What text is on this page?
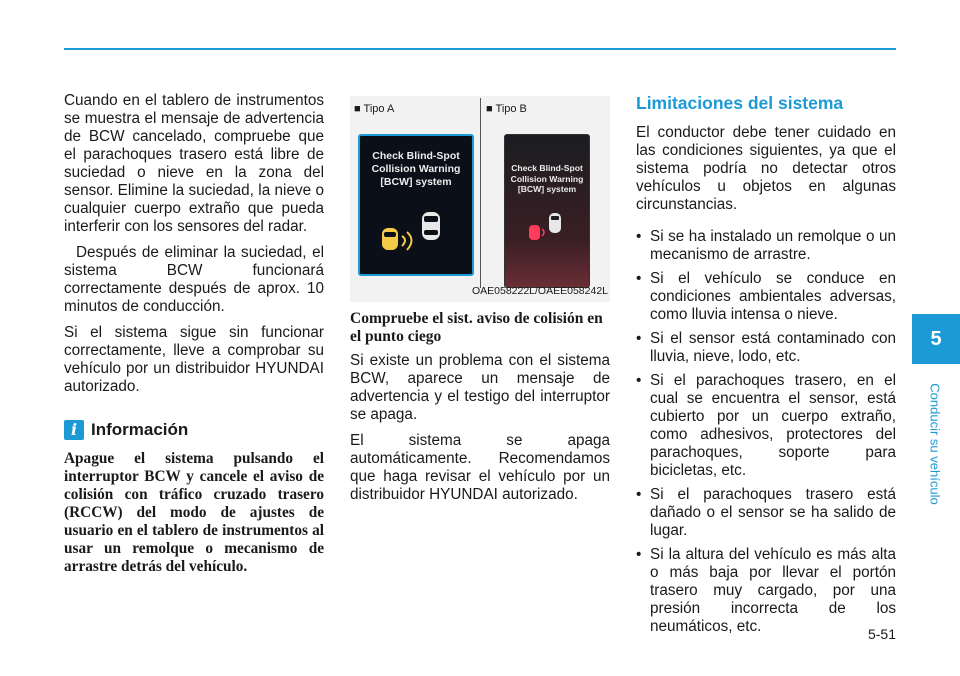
Cuando en el tablero de instrumentos se muestra el mensaje de advertencia de BCW cancelado, compruebe que el parachoques trasero está libre de suciedad o nieve en la zona del sensor. Elimine la suciedad, la nieve o cualquier cuerpo extraño que pueda interferir con los sensores del radar.

Después de eliminar la suciedad, el sistema BCW funcionará correctamente después de aprox. 10 minutos de conducción.

Si el sistema sigue sin funcionar correctamente, lleve a comprobar su vehículo por un distribuidor HYUNDAI autorizado.

i Información

Apague el sistema pulsando el interruptor BCW y cancele el aviso de colisión con tráfico cruzado trasero (RCCW) del modo de ajustes de usuario en el tablero de instrumentos al usar un remolque o mecanismo de arrastre detrás del vehículo.

■ Tipo A	■ Tipo B
Check Blind-Spot
Collision Warning
[BCW] system
Check Blind-Spot
Collision Warning
[BCW] system
OAE058222L/OAEE058242L
Compruebe el sist. aviso de colisión en el punto ciego

Si existe un problema con el sistema BCW, aparece un mensaje de advertencia y el testigo del interruptor se apaga.

El sistema se apaga automáticamente. Recomendamos que haga revisar el vehículo por un distribuidor HYUNDAI autorizado.

Limitaciones del sistema

El conductor debe tener cuidado en las condiciones siguientes, ya que el sistema podría no detectar otros vehículos u objetos en algunas circunstancias.

• Si se ha instalado un remolque o un mecanismo de arrastre.
• Si el vehículo se conduce en condiciones ambientales adversas, como lluvia intensa o nieve.
• Si el sensor está contaminado con lluvia, nieve, lodo, etc.
• Si el parachoques trasero, en el cual se encuentra el sensor, está cubierto por un cuerpo extraño, como adhesivos, protectores del parachoques, soporte para bicicletas, etc.
• Si el parachoques trasero está dañado o el sensor se ha salido de lugar.
• Si la altura del vehículo es más alta o más baja por llevar el portón trasero muy cargado, por una presión incorrecta de los neumáticos, etc.
5
Conducir su vehículo
5-51
